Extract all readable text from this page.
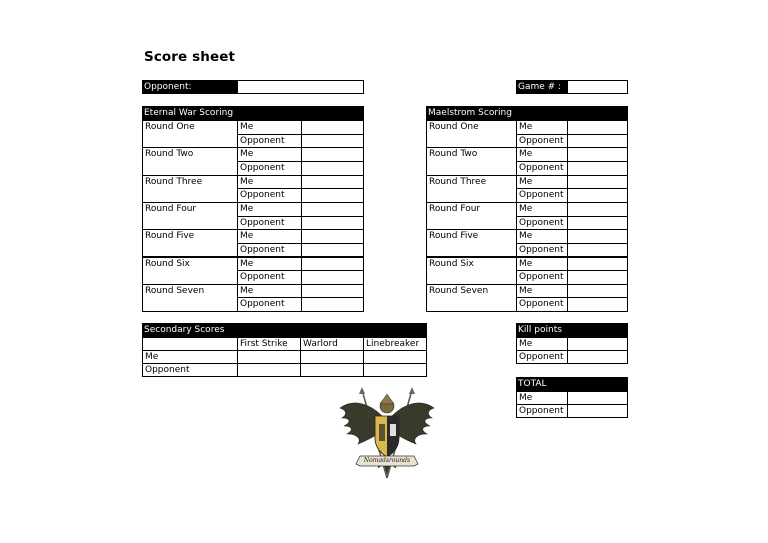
Score sheet
Opponent:	Game # :
Eternal War Scoring
Round One	Me
Opponent
Round Two	Me
Opponent
Round Three	Me
Opponent
Round Four	Me
Opponent
Round Five	Me
Opponent
Round Six	Me
Opponent
Round Seven	Me
Opponent
Maelstrom Scoring
Round One	Me
Opponent
Round Two	Me
Opponent
Round Three	Me
Opponent
Round Four	Me
Opponent
Round Five	Me
Opponent
Round Six	Me
Opponent
Round Seven	Me
Opponent
Secondary Scores
First Strike	Warlord	Linebreaker
Me
Opponent
Kill points
Me
Opponent
TOTAL
Me
Opponent
Nomadsrounds
